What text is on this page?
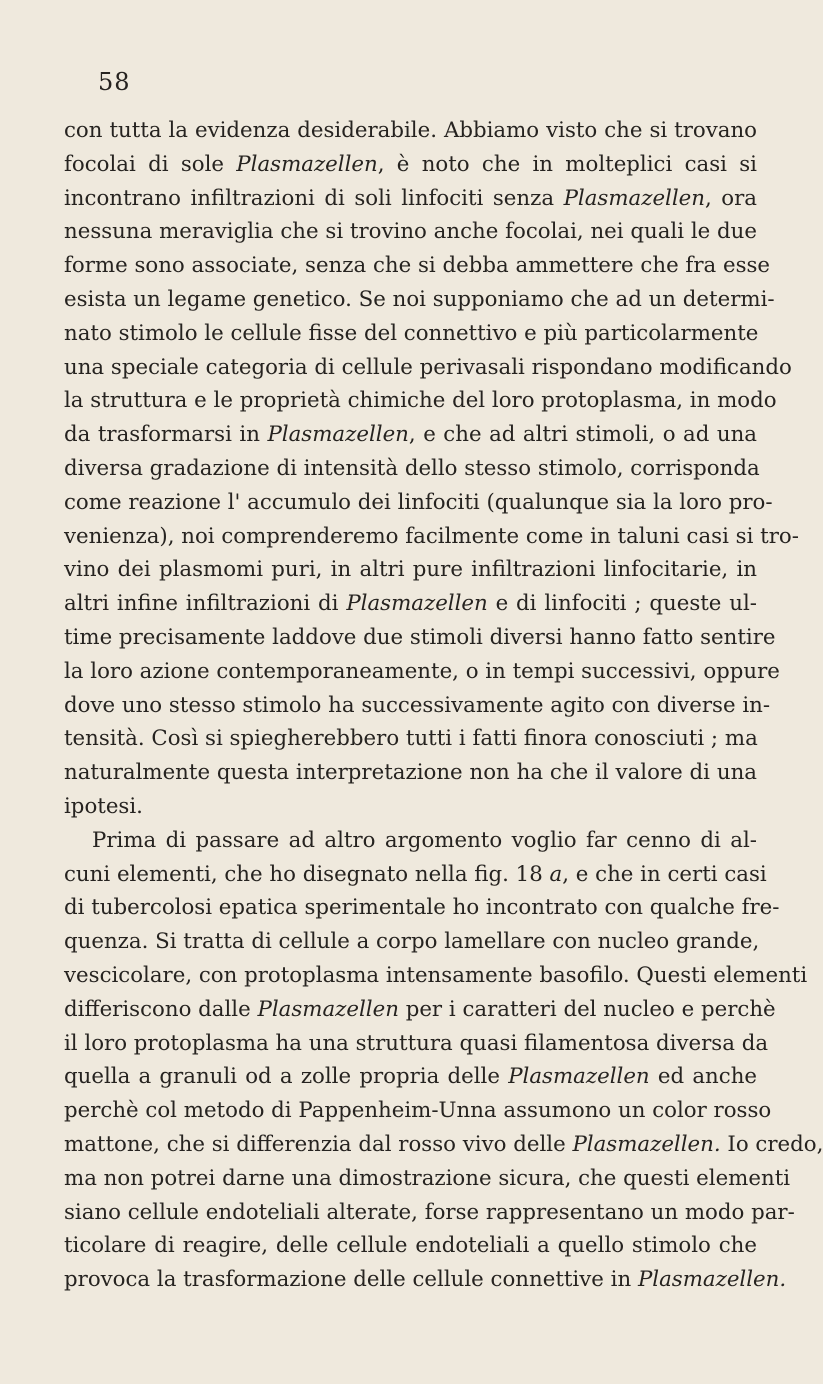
58
con tutta la evidenza desiderabile. Abbiamo visto che si trovano
focolai di sole Plasmazellen, è noto che in molteplici casi si
incontrano infiltrazioni di soli linfociti senza Plasmazellen, ora
nessuna meraviglia che si trovino anche focolai, nei quali le due
forme sono associate, senza che si debba ammettere che fra esse
esista un legame genetico. Se noi supponiamo che ad un determi-
nato stimolo le cellule fisse del connettivo e più particolarmente
una speciale categoria di cellule perivasali rispondano modificando
la struttura e le proprietà chimiche del loro protoplasma, in modo
da trasformarsi in Plasmazellen, e che ad altri stimoli, o ad una
diversa gradazione di intensità dello stesso stimolo, corrisponda
come reazione l' accumulo dei linfociti (qualunque sia la loro pro-
venienza), noi comprenderemo facilmente come in taluni casi si tro-
vino dei plasmomi puri, in altri pure infiltrazioni linfocitarie, in
altri infine infiltrazioni di Plasmazellen e di linfociti ; queste ul-
time precisamente laddove due stimoli diversi hanno fatto sentire
la loro azione contemporaneamente, o in tempi successivi, oppure
dove uno stesso stimolo ha successivamente agito con diverse in-
tensità. Così si spiegherebbero tutti i fatti finora conosciuti ; ma
naturalmente questa interpretazione non ha che il valore di una
ipotesi.
Prima di passare ad altro argomento voglio far cenno di al-
cuni elementi, che ho disegnato nella fig. 18 a, e che in certi casi
di tubercolosi epatica sperimentale ho incontrato con qualche fre-
quenza. Si tratta di cellule a corpo lamellare con nucleo grande,
vescicolare, con protoplasma intensamente basofilo. Questi elementi
differiscono dalle Plasmazellen per i caratteri del nucleo e perchè
il loro protoplasma ha una struttura quasi filamentosa diversa da
quella a granuli od a zolle propria delle Plasmazellen ed anche
perchè col metodo di Pappenheim-Unna assumono un color rosso
mattone, che si differenzia dal rosso vivo delle Plasmazellen. Io credo,
ma non potrei darne una dimostrazione sicura, che questi elementi
siano cellule endoteliali alterate, forse rappresentano un modo par-
ticolare di reagire, delle cellule endoteliali a quello stimolo che
provoca la trasformazione delle cellule connettive in Plasmazellen.
